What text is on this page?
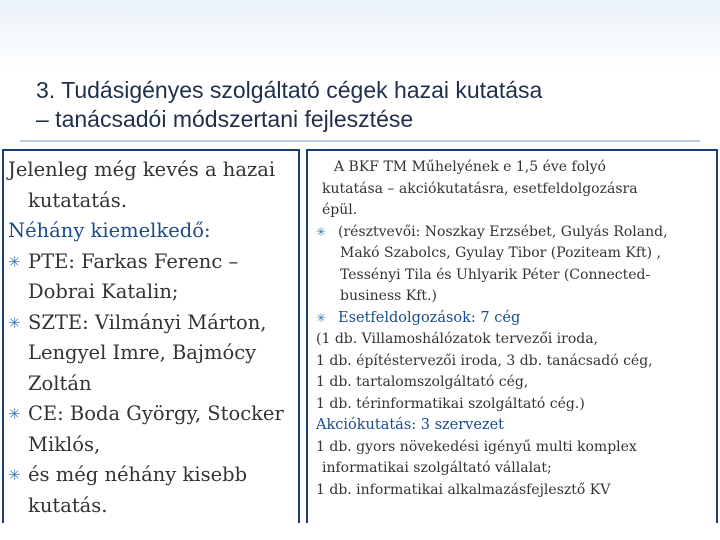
3. Tudásigényes szolgáltató cégek hazai kutatása
– tanácsadói módszertani fejlesztése

Jelenleg még kevés a hazai kutatatás.

Néhány kiemelkedő:

✳ PTE: Farkas Ferenc – Dobrai Katalin;

✳ SZTE: Vilmányi Márton, Lengyel Imre, Bajmócy Zoltán

✳ CE: Boda György, Stocker Miklós,

✳ és még néhány kisebb kutatás.

A BKF TM Műhelyének e 1,5 éve folyó

kutatása – akciókutatásra, esetfeldolgozásra

épül.

✳ (résztvevői: Noszkay Erzsébet, Gulyás Roland,

Makó Szabolcs, Gyulay Tibor (Poziteam Kft) ,

Tessényi Tila és Uhlyarik Péter (Connected-

business Kft.)

✳ Esetfeldolgozások: 7 cég

(1 db. Villamoshálózatok tervezői iroda,

1 db. építéstervezői iroda, 3 db. tanácsadó cég,

1 db. tartalomszolgáltató cég,

1 db. térinformatikai szolgáltató cég.)

Akciókutatás: 3 szervezet

1 db. gyors növekedési igényű multi komplex

informatikai szolgáltató vállalat;

1 db. informatikai alkalmazásfejlesztő KV
